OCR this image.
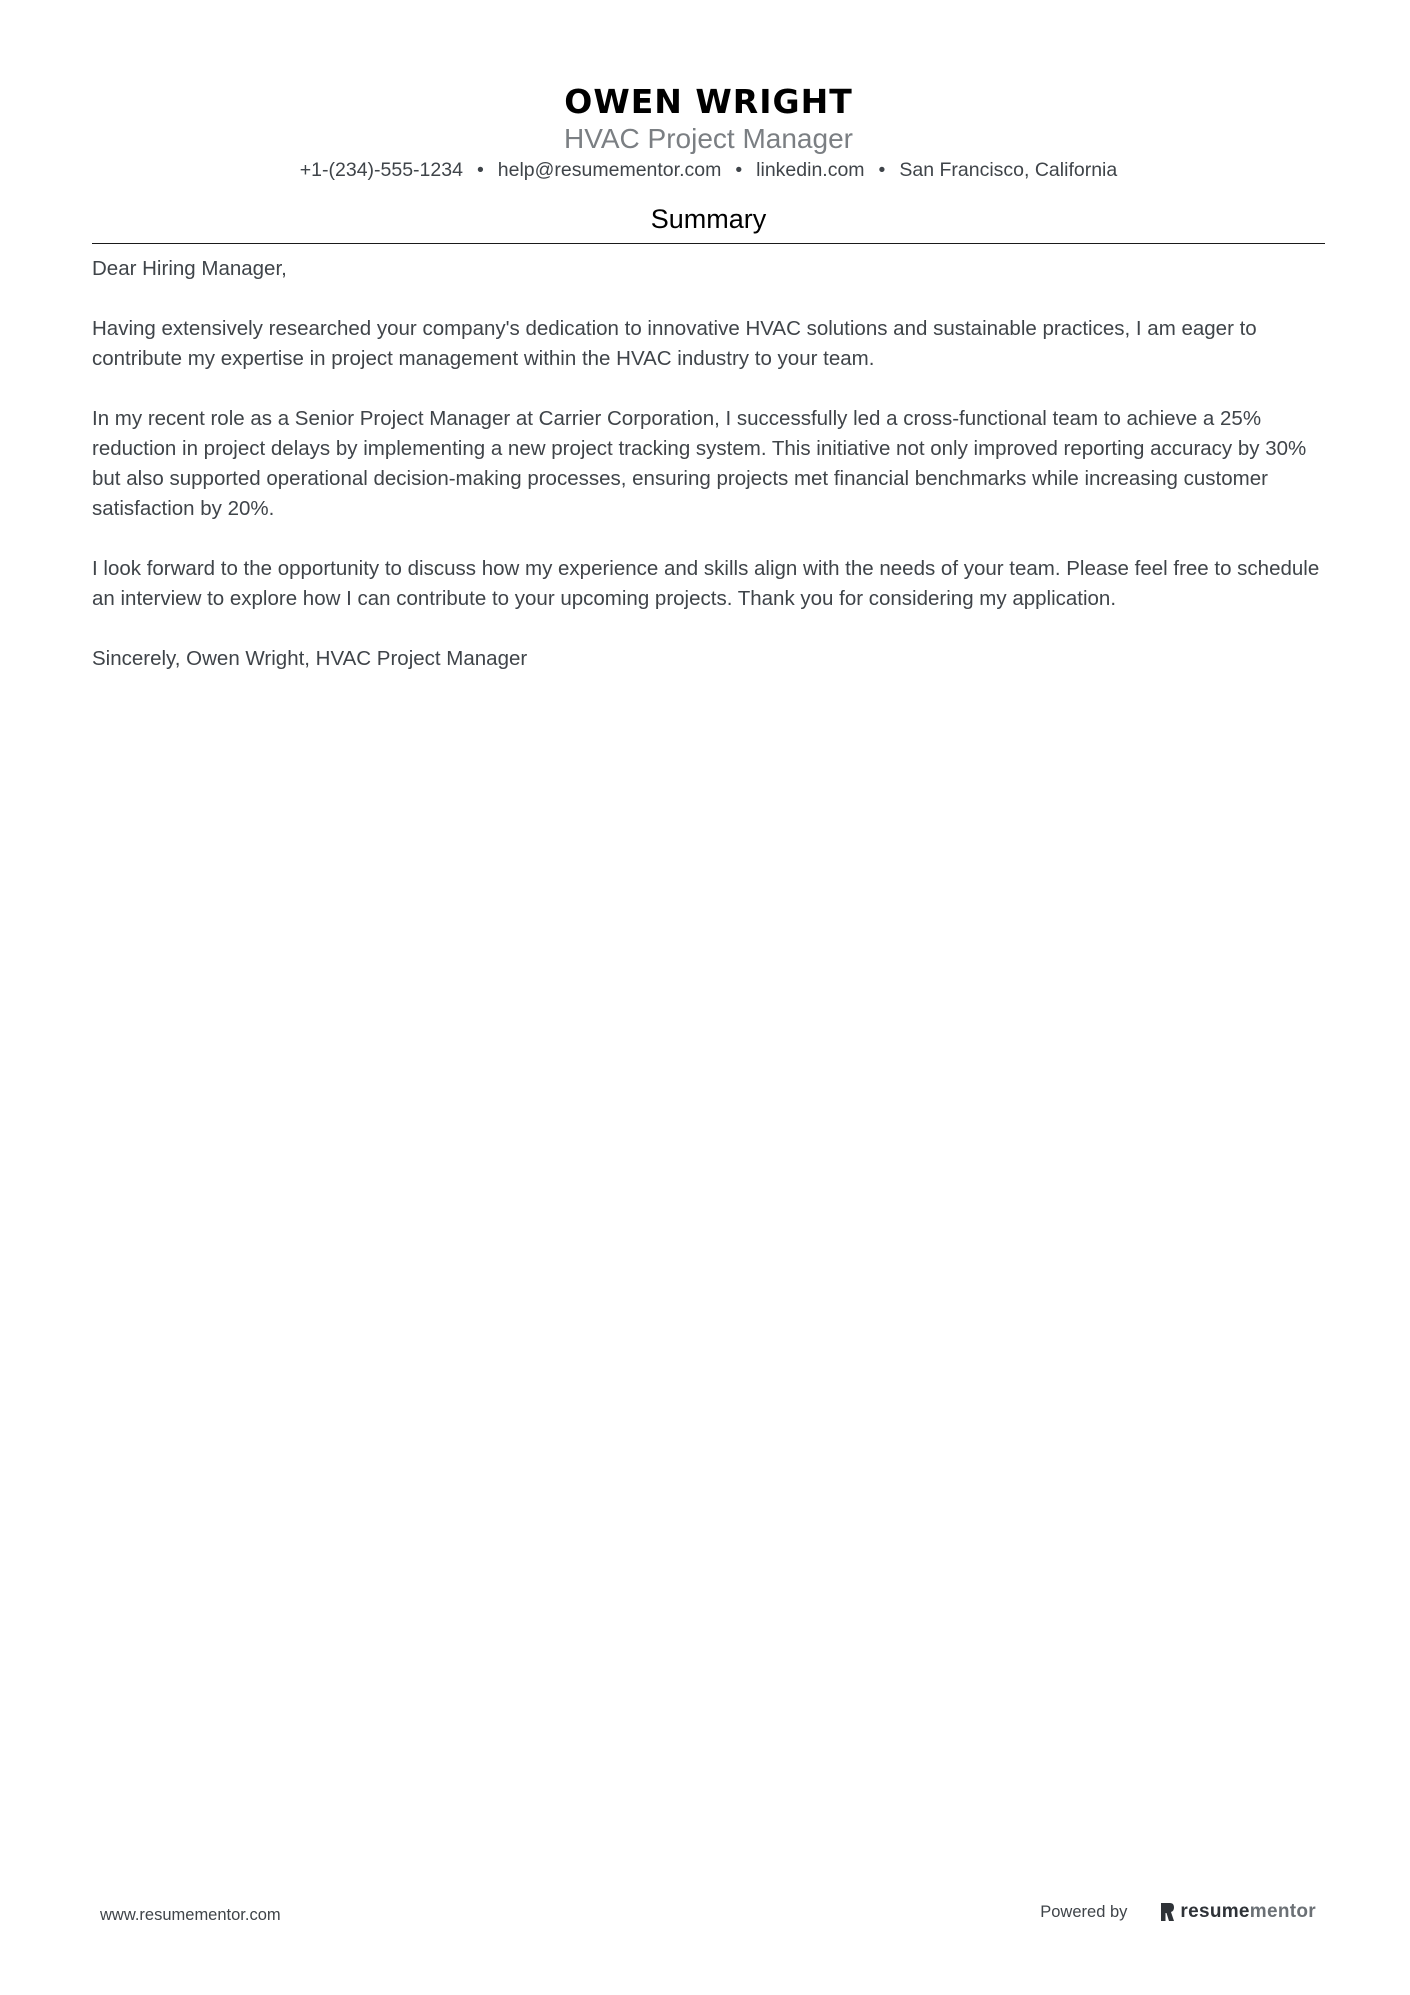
OWEN WRIGHT
HVAC Project Manager
+1-(234)-555-1234 • help@resumementor.com • linkedin.com • San Francisco, California
Summary

Dear Hiring Manager,

Having extensively researched your company's dedication to innovative HVAC solutions and sustainable practices, I am eager to contribute my expertise in project management within the HVAC industry to your team.

In my recent role as a Senior Project Manager at Carrier Corporation, I successfully led a cross-functional team to achieve a 25% reduction in project delays by implementing a new project tracking system. This initiative not only improved reporting accuracy by 30% but also supported operational decision-making processes, ensuring projects met financial benchmarks while increasing customer satisfaction by 20%.

I look forward to the opportunity to discuss how my experience and skills align with the needs of your team. Please feel free to schedule an interview to explore how I can contribute to your upcoming projects. Thank you for considering my application.

Sincerely, Owen Wright, HVAC Project Manager

www.resumementor.com	Powered by	resumementor
